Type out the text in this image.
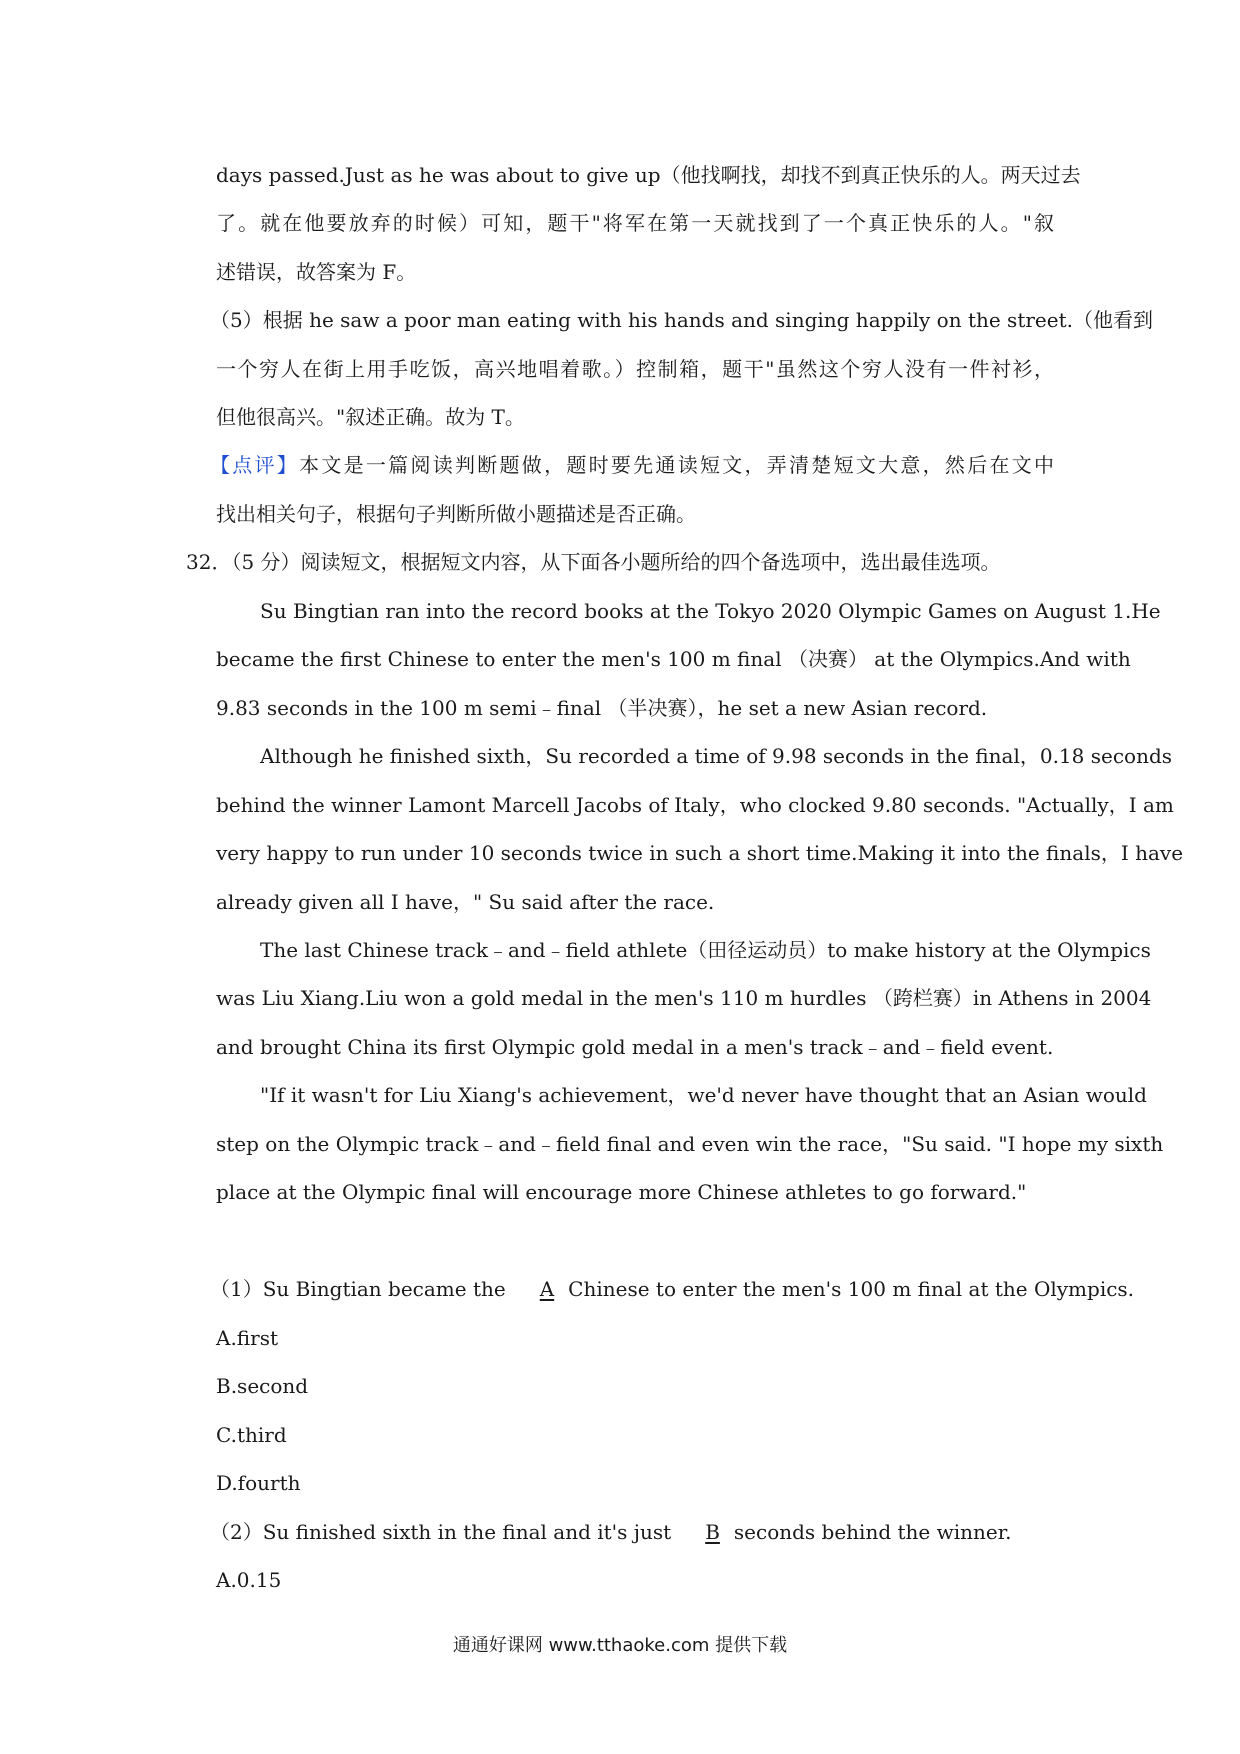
days passed.Just as he was about to give up（他找啊找，却找不到真正快乐的人。两天过去
了。就在他要放弃的时候）可知，题干"将军在第一天就找到了一个真正快乐的人。"叙
述错误，故答案为 F。
（5）根据 he saw a poor man eating with his hands and singing happily on the street.（他看到
一个穷人在街上用手吃饭，高兴地唱着歌。）控制箱，题干"虽然这个穷人没有一件衬衫，
但他很高兴。"叙述正确。故为 T。
【点评】本文是一篇阅读判断题做，题时要先通读短文，弄清楚短文大意，然后在文中
找出相关句子，根据句子判断所做小题描述是否正确。
32．（5 分）阅读短文，根据短文内容，从下面各小题所给的四个备选项中，选出最佳选项。
Su Bingtian ran into the record books at the Tokyo 2020 Olympic Games on August 1.He
became the first Chinese to enter the men's 100 m final （决赛） at the Olympics.And with
9.83 seconds in the 100 m semi﹣final （半决赛），he set a new Asian record.
Although he finished sixth，Su recorded a time of 9.98 seconds in the final，0.18 seconds
behind the winner Lamont Marcell Jacobs of Italy，who clocked 9.80 seconds. "Actually，I am
very happy to run under 10 seconds twice in such a short time.Making it into the finals，I have
already given all I have，" Su said after the race.
The last Chinese track﹣and﹣field athlete（田径运动员）to make history at the Olympics
was Liu Xiang.Liu won a gold medal in the men's 110 m hurdles （跨栏赛）in Athens in 2004
and brought China its first Olympic gold medal in a men's track﹣and﹣field event.
"If it wasn't for Liu Xiang's achievement，we'd never have thought that an Asian would
step on the Olympic track﹣and﹣field final and even win the race，"Su said. "I hope my sixth
place at the Olympic final will encourage more Chinese athletes to go forward."
（1）Su Bingtian became the A Chinese to enter the men's 100 m final at the Olympics.
A.first
B.second
C.third
D.fourth
（2）Su finished sixth in the final and it's just B seconds behind the winner.
A.0.15
通通好课网 www.tthaoke.com 提供下载
